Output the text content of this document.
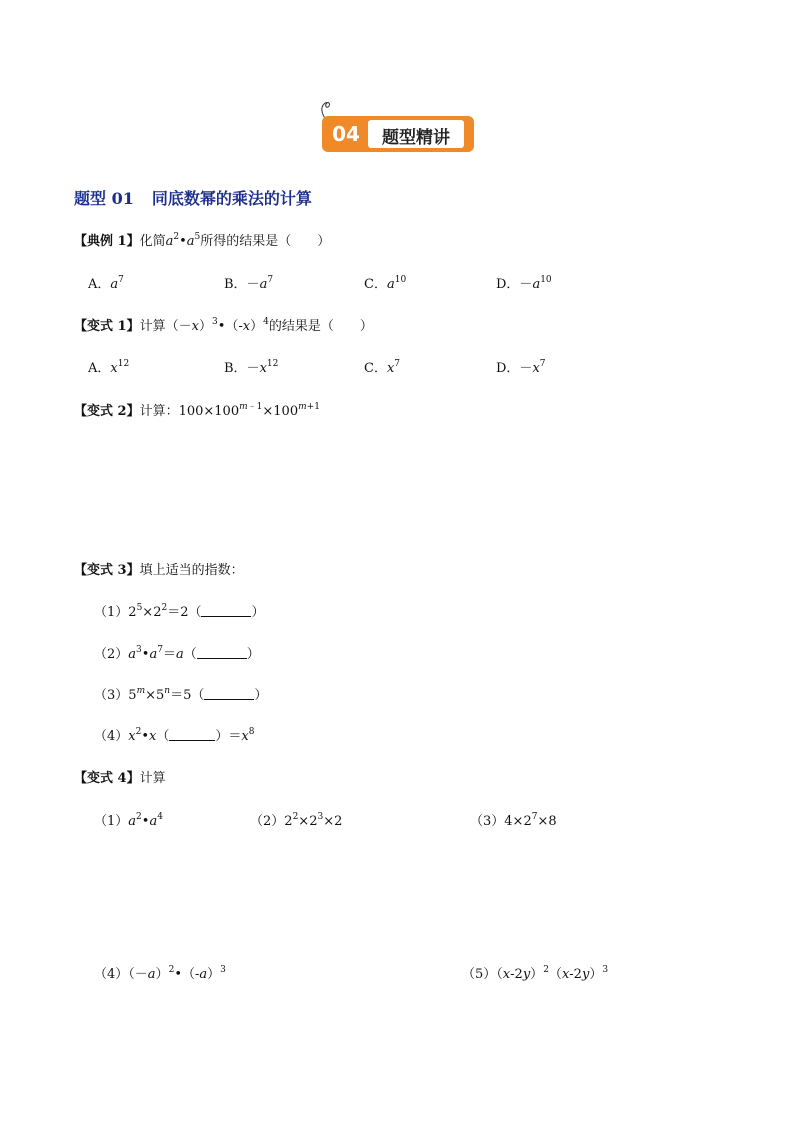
04	题型精讲
题型 01 同底数幂的乘法的计算
【典例 1】化简$a^2•a^5$所得的结果是（　　）
A．$a^7$	B．$-a^7$	C．$a^{10}$	D．$-a^{10}$
【变式 1】计算$(-x)^3•(-x)^4$的结果是（　　）
A．$x^{12}$	B．$-x^{12}$	C．$x^7$	D．$-x^7$
【变式 2】计算：$100\times 100^{m﹣1}\times 100^{m+1}$
【变式 3】填上适当的指数：
$(1)2^5\times 2^2=2$（	）
$(2)a^3•a^7=a$（	）
$(3)5^m\times 5^n=5$（	）
$(4)x^2•x$（	）$=x^8$
【变式 4】计算
$(1)a^2•a^4$	$(2)2^2\times 2^3\times 2$	$(3)4\times 2^7\times 8$
$(4)(-a)^2•(-a)^3$	$(5)(x-2y)^2(x-2y)^3$
